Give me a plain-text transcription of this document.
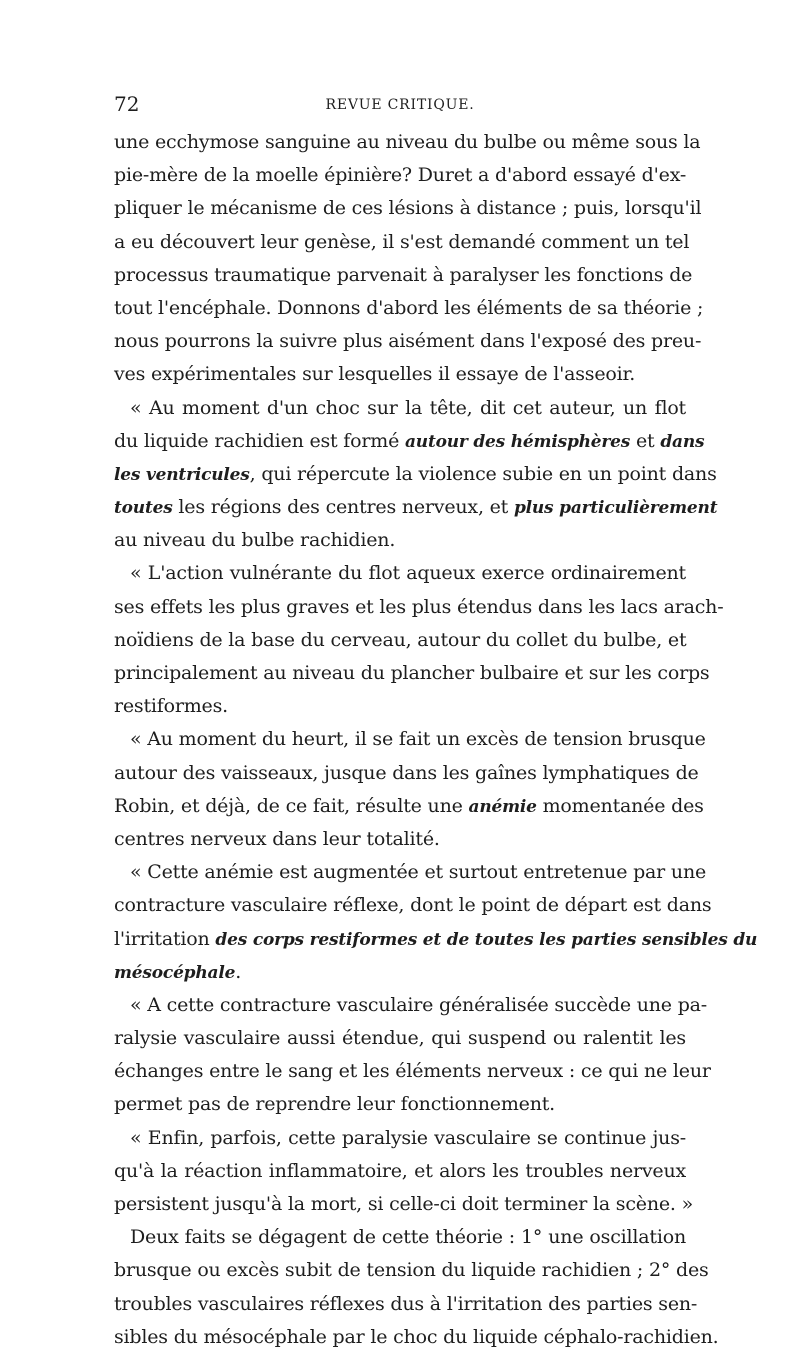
72	REVUE CRITIQUE.
une ecchymose sanguine au niveau du bulbe ou même sous la
pie-mère de la moelle épinière? Duret a d'abord essayé d'ex-
pliquer le mécanisme de ces lésions à distance ; puis, lorsqu'il
a eu découvert leur genèse, il s'est demandé comment un tel
processus traumatique parvenait à paralyser les fonctions de
tout l'encéphale. Donnons d'abord les éléments de sa théorie ;
nous pourrons la suivre plus aisément dans l'exposé des preu-
ves expérimentales sur lesquelles il essaye de l'asseoir.
« Au moment d'un choc sur la tête, dit cet auteur, un flot
du liquide rachidien est formé autour des hémisphères et dans
les ventricules, qui répercute la violence subie en un point dans
toutes les régions des centres nerveux, et plus particulièrement
au niveau du bulbe rachidien.
« L'action vulnérante du flot aqueux exerce ordinairement
ses effets les plus graves et les plus étendus dans les lacs arach-
noïdiens de la base du cerveau, autour du collet du bulbe, et
principalement au niveau du plancher bulbaire et sur les corps
restiformes.
« Au moment du heurt, il se fait un excès de tension brusque
autour des vaisseaux, jusque dans les gaînes lymphatiques de
Robin, et déjà, de ce fait, résulte une anémie momentanée des
centres nerveux dans leur totalité.
« Cette anémie est augmentée et surtout entretenue par une
contracture vasculaire réflexe, dont le point de départ est dans
l'irritation des corps restiformes et de toutes les parties sensibles du
mésocéphale.
« A cette contracture vasculaire généralisée succède une pa-
ralysie vasculaire aussi étendue, qui suspend ou ralentit les
échanges entre le sang et les éléments nerveux : ce qui ne leur
permet pas de reprendre leur fonctionnement.
« Enfin, parfois, cette paralysie vasculaire se continue jus-
qu'à la réaction inflammatoire, et alors les troubles nerveux
persistent jusqu'à la mort, si celle-ci doit terminer la scène. »
Deux faits se dégagent de cette théorie : 1° une oscillation
brusque ou excès subit de tension du liquide rachidien ; 2° des
troubles vasculaires réflexes dus à l'irritation des parties sen-
sibles du mésocéphale par le choc du liquide céphalo-rachidien.
